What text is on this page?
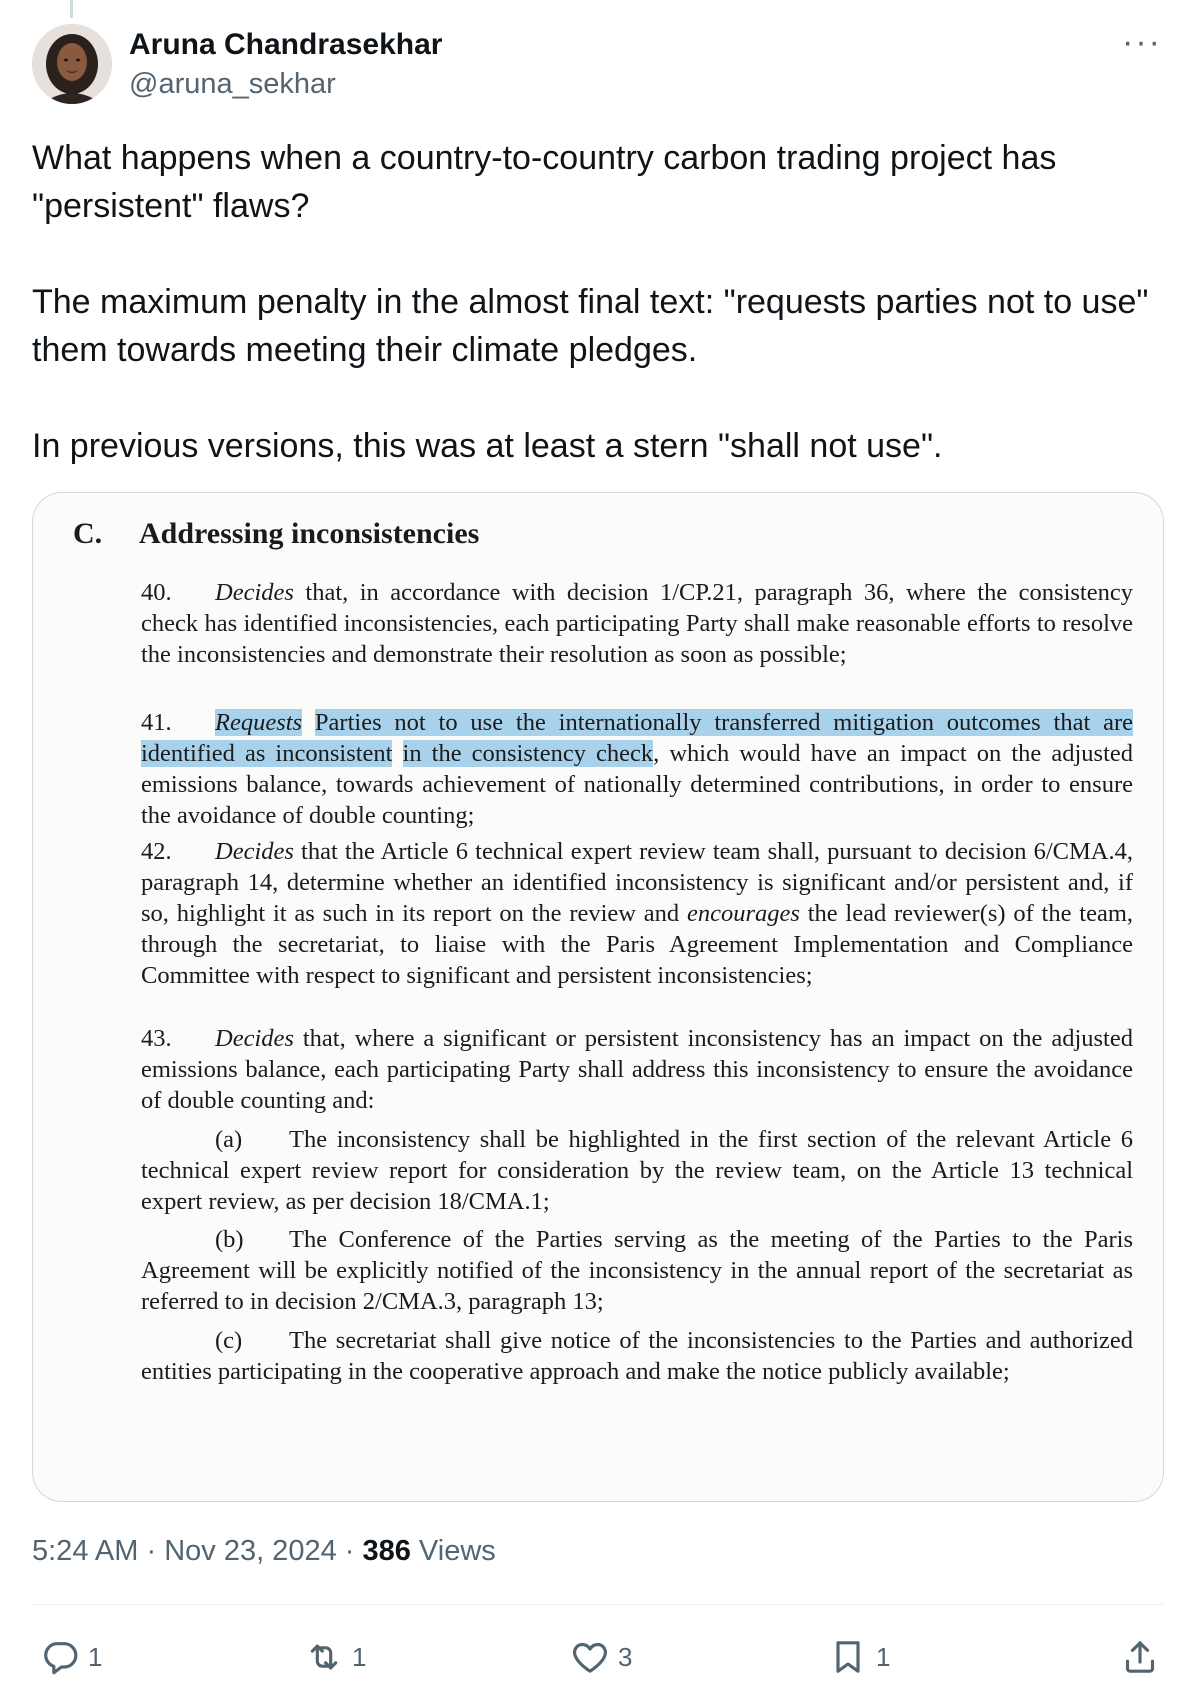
Aruna Chandrasekhar
@aruna_sekhar
···

What happens when a country-to-country carbon trading project has "persistent" flaws?

The maximum penalty in the almost final text: "requests parties not to use" them towards meeting their climate pledges.

In previous versions, this was at least a stern "shall not use".

C. Addressing inconsistencies
40. Decides that, in accordance with decision 1/CP.21, paragraph 36, where the consistency check has identified inconsistencies, each participating Party shall make reasonable efforts to resolve the inconsistencies and demonstrate their resolution as soon as possible;
41. Requests Parties not to use the internationally transferred mitigation outcomes that are identified as inconsistent in the consistency check, which would have an impact on the adjusted emissions balance, towards achievement of nationally determined contributions, in order to ensure the avoidance of double counting;
42. Decides that the Article 6 technical expert review team shall, pursuant to decision 6/CMA.4, paragraph 14, determine whether an identified inconsistency is significant and/or persistent and, if so, highlight it as such in its report on the review and encourages the lead reviewer(s) of the team, through the secretariat, to liaise with the Paris Agreement Implementation and Compliance Committee with respect to significant and persistent inconsistencies;
43. Decides that, where a significant or persistent inconsistency has an impact on the adjusted emissions balance, each participating Party shall address this inconsistency to ensure the avoidance of double counting and:
(a) The inconsistency shall be highlighted in the first section of the relevant Article 6 technical expert review report for consideration by the review team, on the Article 13 technical expert review, as per decision 18/CMA.1;
(b) The Conference of the Parties serving as the meeting of the Parties to the Paris Agreement will be explicitly notified of the inconsistency in the annual report of the secretariat as referred to in decision 2/CMA.3, paragraph 13;
(c) The secretariat shall give notice of the inconsistencies to the Parties and authorized entities participating in the cooperative approach and make the notice publicly available;
5:24 AM · Nov 23, 2024 · 386 Views
1	1	3	1
